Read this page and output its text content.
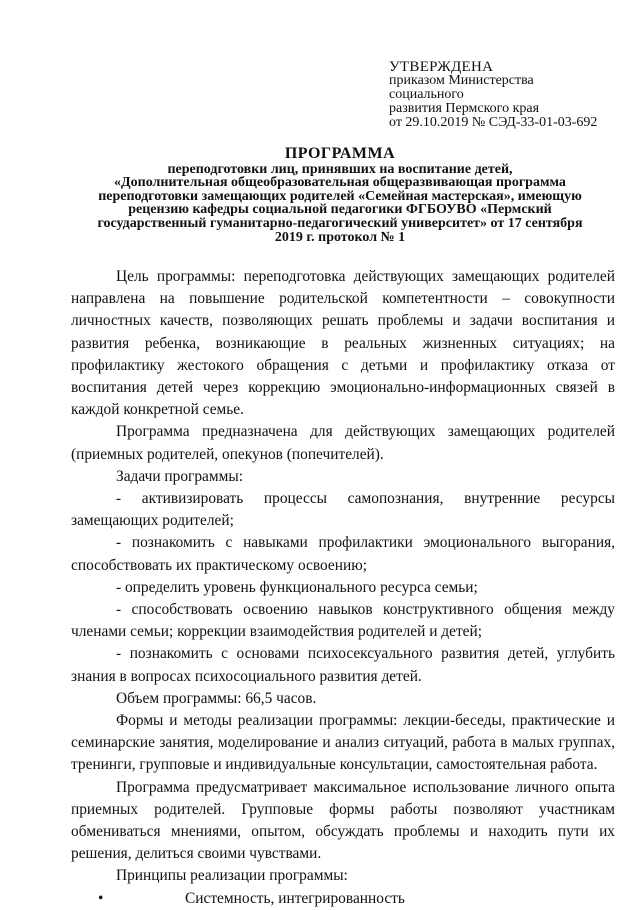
УТВЕРЖДЕНА
приказом Министерства
социального
развития Пермского края
от 29.10.2019 № СЭД-33-01-03-692
ПРОГРАММА
переподготовки лиц, принявших на воспитание детей,
«Дополнительная общеобразовательная общеразвивающая программа
переподготовки замещающих родителей «Семейная мастерская», имеющую
рецензию кафедры социальной педагогики ФГБОУВО «Пермский
государственный гуманитарно-педагогический университет» от 17 сентября
2019 г. протокол № 1

Цель программы: переподготовка действующих замещающих родителей направлена на повышение родительской компетентности – совокупности личностных качеств, позволяющих решать проблемы и задачи воспитания и развития ребенка, возникающие в реальных жизненных ситуациях; на профилактику жестокого обращения с детьми и профилактику отказа от воспитания детей через коррекцию эмоционально-информационных связей в каждой конкретной семье.

Программа предназначена для действующих замещающих родителей (приемных родителей, опекунов (попечителей).

Задачи программы:

- активизировать процессы самопознания, внутренние ресурсы замещающих родителей;

- познакомить с навыками профилактики эмоционального выгорания, способствовать их практическому освоению;

- определить уровень функционального ресурса семьи;

- способствовать освоению навыков конструктивного общения между членами семьи; коррекции взаимодействия родителей и детей;

- познакомить с основами психосексуального развития детей, углубить знания в вопросах психосоциального развития детей.

Объем программы: 66,5 часов.

Формы и методы реализации программы: лекции-беседы, практические и семинарские занятия, моделирование и анализ ситуаций, работа в малых группах, тренинги, групповые и индивидуальные консультации, самостоятельная работа.

Программа предусматривает максимальное использование личного опыта приемных родителей. Групповые формы работы позволяют участникам обмениваться мнениями, опытом, обсуждать проблемы и находить пути их решения, делиться своими чувствами.

Принципы реализации программы:

•	Системность, интегрированность
